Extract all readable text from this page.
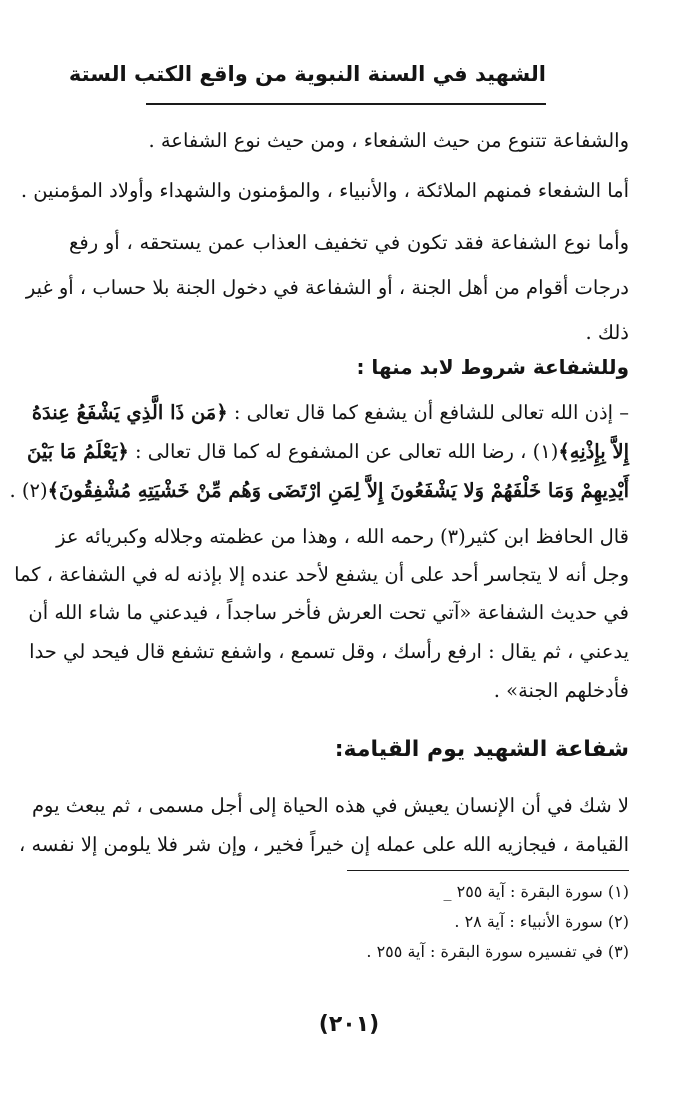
الشهيد في السنة النبوية من واقع الكتب الستة
والشفاعة تتنوع من حيث الشفعاء ، ومن حيث نوع الشفاعة .
أما الشفعاء فمنهم الملائكة ، والأنبياء ، والمؤمنون والشهداء وأولاد المؤمنين .
وأما نوع الشفاعة فقد تكون في تخفيف العذاب عمن يستحقه ، أو رفع
درجات أقوام من أهل الجنة ، أو الشفاعة في دخول الجنة بلا حساب ، أو غير
ذلك .
وللشفاعة شروط لابد منها :
– إذن الله تعالى للشافع أن يشفع كما قال تعالى : ﴿مَن ذَا الَّذِي يَشْفَعُ عِندَهُ
إِلاَّ بِإِذْنِهِ﴾(١) ، رضا الله تعالى عن المشفوع له كما قال تعالى : ﴿يَعْلَمُ مَا بَيْنَ
أَيْدِيهِمْ وَمَا خَلْفَهُمْ وَلا يَشْفَعُونَ إِلاَّ لِمَنِ ارْتَضَى وَهُم مِّنْ خَشْيَتِهِ مُشْفِقُونَ﴾(٢) .
قال الحافظ ابن كثير(٣) رحمه الله ، وهذا من عظمته وجلاله وكبريائه عز
وجل أنه لا يتجاسر أحد على أن يشفع لأحد عنده إلا بإذنه له في الشفاعة ، كما
في حديث الشفاعة «آتي تحت العرش فأخر ساجداً ، فيدعني ما شاء الله أن
يدعني ، ثم يقال : ارفع رأسك ، وقل تسمع ، واشفع تشفع قال فيحد لي حدا
فأدخلهم الجنة» .
شفاعة الشهيد يوم القيامة:
لا شك في أن الإنسان يعيش في هذه الحياة إلى أجل مسمى ، ثم يبعث يوم
القيامة ، فيجازيه الله على عمله إن خيراً فخير ، وإن شر فلا يلومن إلا نفسه ،
(١) سورة البقرة : آية ٢٥٥ _
(٢) سورة الأنبياء : آية ٢٨ .
(٣) في تفسيره سورة البقرة : آية ٢٥٥ .
(٢٠١)
